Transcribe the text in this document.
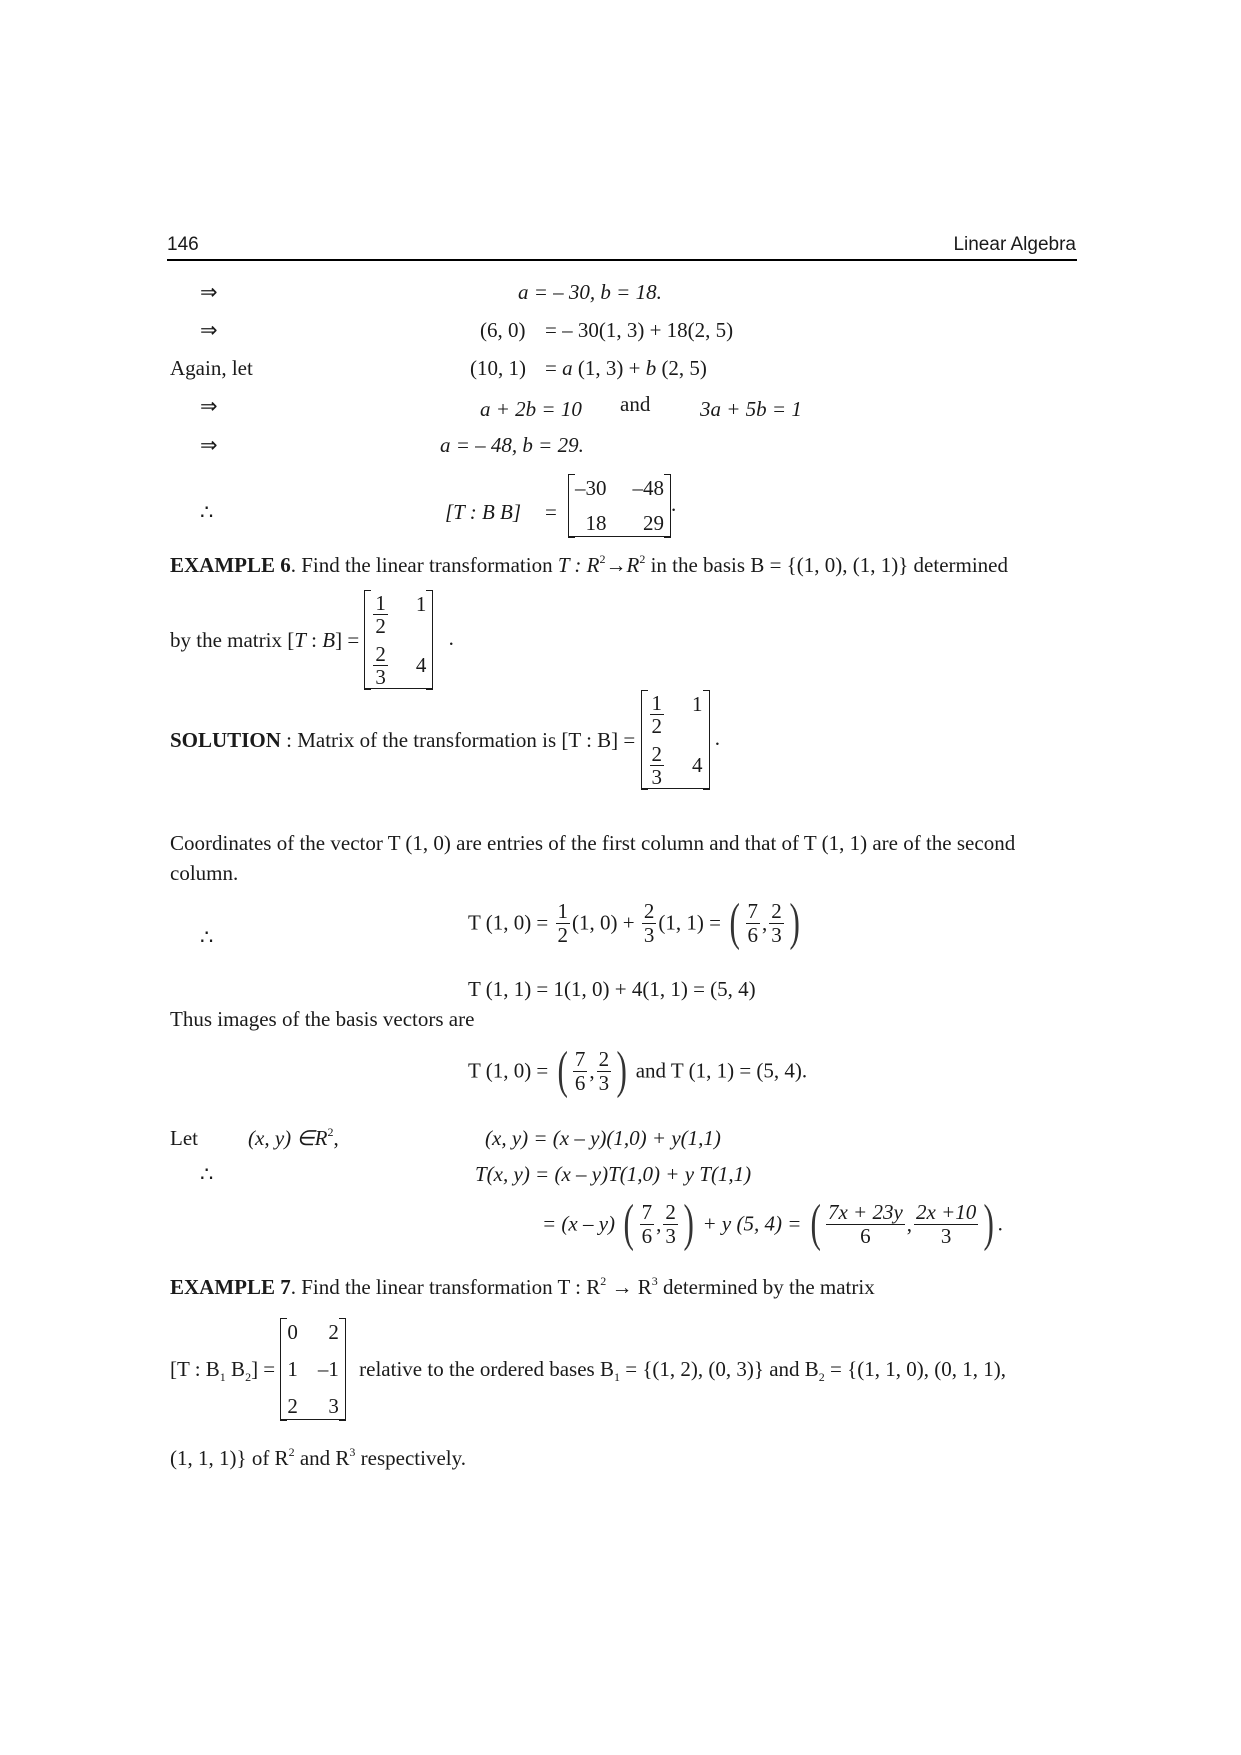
146	Linear Algebra
⇒	a = – 30, b = 18.
⇒	(6, 0) = – 30(1, 3) + 18(2, 5)
Again, let	(10, 1) = a (1, 3) + b (2, 5)
⇒	a + 2b = 10 and 3a + 5b = 1
⇒	a = – 48, b = 29.
∴	[T : B B] =
–30 –48
18 29
.
EXAMPLE 6. Find the linear transformation T : $R^2\to R^2$ in the basis B = {(1, 0), (1, 1)} determined
by the matrix [T : B] =
$\frac{1}{2} 1$
$\frac{2}{3} 4$
.
SOLUTION : Matrix of the transformation is [T : B] =
$\frac{1}{2} 1$
$\frac{2}{3} 4$
.
Coordinates of the vector T (1, 0) are entries of the first column and that of T (1, 1) are of the second
column.
∴
T (1, $0) = \frac{1}{2} (1$, $0) + \frac{2}{3} (1$, 1) = ( $\frac{7}{6}$ , $\frac{2}{3}$ )
T (1, 1) = 1(1, 0) + 4(1, 1) = (5, 4)
Thus images of the basis vectors are
T (1, 0) = ( $\frac{7}{6}$ , $\frac{2}{3}$ ) and T (1, 1) = (5, 4).
Let (x, y) $\in R^2$,	(x, y) = (x – y)(1,0) + y(1,1)
∴	T(x, y) = (x – y)T(1,0) + y T(1,1)
= (x – y) ( $\frac{7}{6}$ , $\frac{2}{3}$ ) + y (5, 4) = ( $\frac{7x + 23y}{6}$ , $\frac{2x +10}{3}$ ) .
EXAMPLE 7. Find the linear transformation T : $R^2 \to R^3$ determined by the matrix
[T : $B_1$ $B_2$] =
0 2
1 –1
2 3
relative to the ordered bases $B_1 = \{(1$, 2), (0, 3)} and $B_2 = \{(1$, 1, 0), (0, 1, 1),
(1, 1, 1)} of $R^2$ and $R^3$ respectively.
